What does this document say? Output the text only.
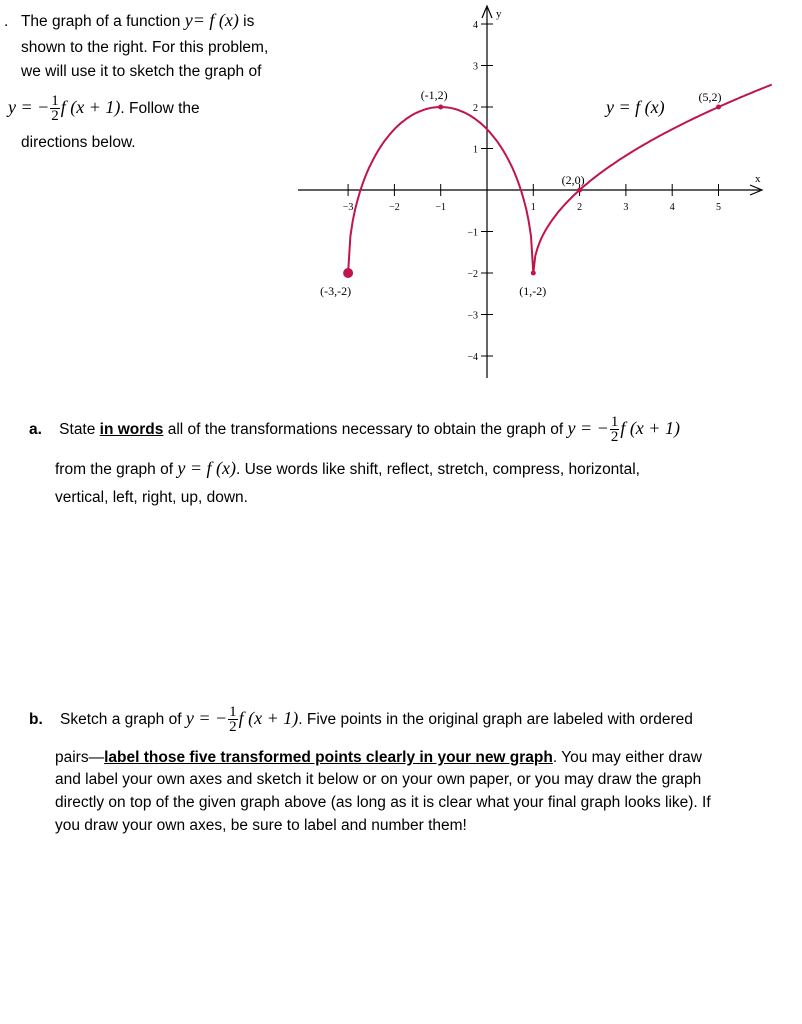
. The graph of a function y= f (x) is
shown to the right. For this problem,
we will use it to sketch the graph of
y = − $\frac{1}{2}$ f (x + 1). Follow the
directions below.
x
y
−3	−2	−1	1	2	3	4	5
4
3
2
1
−1
−2
−3
−4
(-3,-2)
(-1,2)
(1,-2)
(2,0)
(5,2)
y = f (x)
a. State in words all of the transformations necessary to obtain the graph of y = − $\frac{1}{2}$ f (x + 1)
from the graph of y = f (x). Use words like shift, reflect, stretch, compress, horizontal,
vertical, left, right, up, down.
b. Sketch a graph of y = − $\frac{1}{2}$ f (x + 1). Five points in the original graph are labeled with ordered
pairs—label those five transformed points clearly in your new graph. You may either draw
and label your own axes and sketch it below or on your own paper, or you may draw the graph
directly on top of the given graph above (as long as it is clear what your final graph looks like). If
you draw your own axes, be sure to label and number them!
